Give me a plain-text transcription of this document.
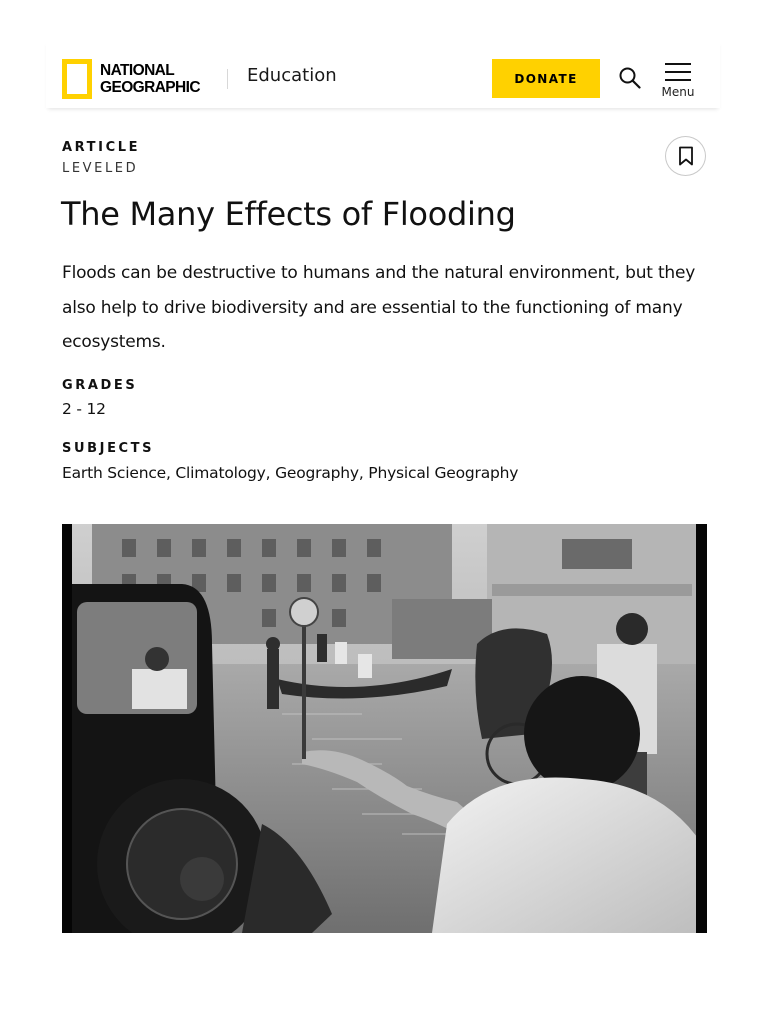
NATIONAL
GEOGRAPHIC
Education	DONATE
Menu
ARTICLE
LEVELED
The Many Effects of Flooding

Floods can be destructive to humans and the natural environment, but they also help to drive biodiversity and are essential to the functioning of many ecosystems.

GRADES
2 - 12
SUBJECTS
Earth Science, Climatology, Geography, Physical Geography
